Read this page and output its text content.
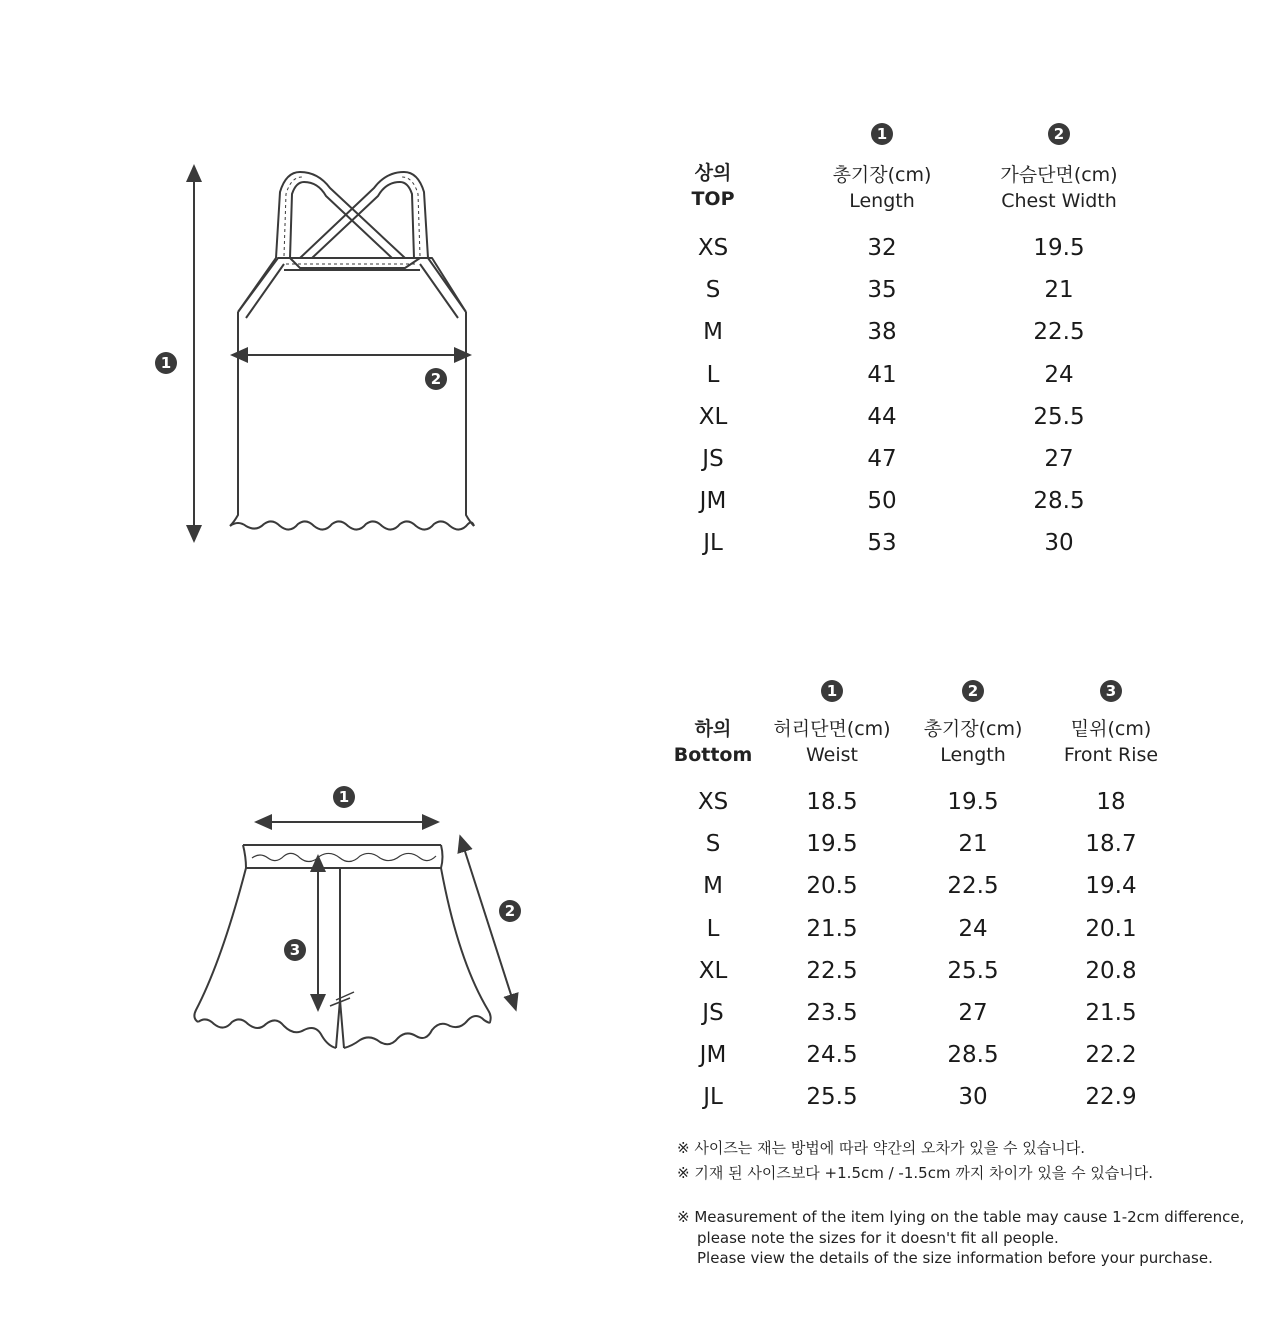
1
2
1
2
3
1	2
상의
TOP
총기장(cm)
Length
가슴단면(cm)
Chest Width
XS	32	19.5
S	35	21
M	38	22.5
L	41	24
XL	44	25.5
JS	47	27
JM	50	28.5
JL	53	30
1	2	3
하의
Bottom
허리단면(cm)
Weist
총기장(cm)
Length
밑위(cm)
Front Rise
XS	18.5	19.5	18
S	19.5	21	18.7
M	20.5	22.5	19.4
L	21.5	24	20.1
XL	22.5	25.5	20.8
JS	23.5	27	21.5
JM	24.5	28.5	22.2
JL	25.5	30	22.9
※ 사이즈는 재는 방법에 따라 약간의 오차가 있을 수 있습니다.
※ 기재 된 사이즈보다 +1.5cm / -1.5cm 까지 차이가 있을 수 있습니다.
※ Measurement of the item lying on the table may cause 1-2cm difference,
please note the sizes for it doesn't fit all people.
Please view the details of the size information before your purchase.
